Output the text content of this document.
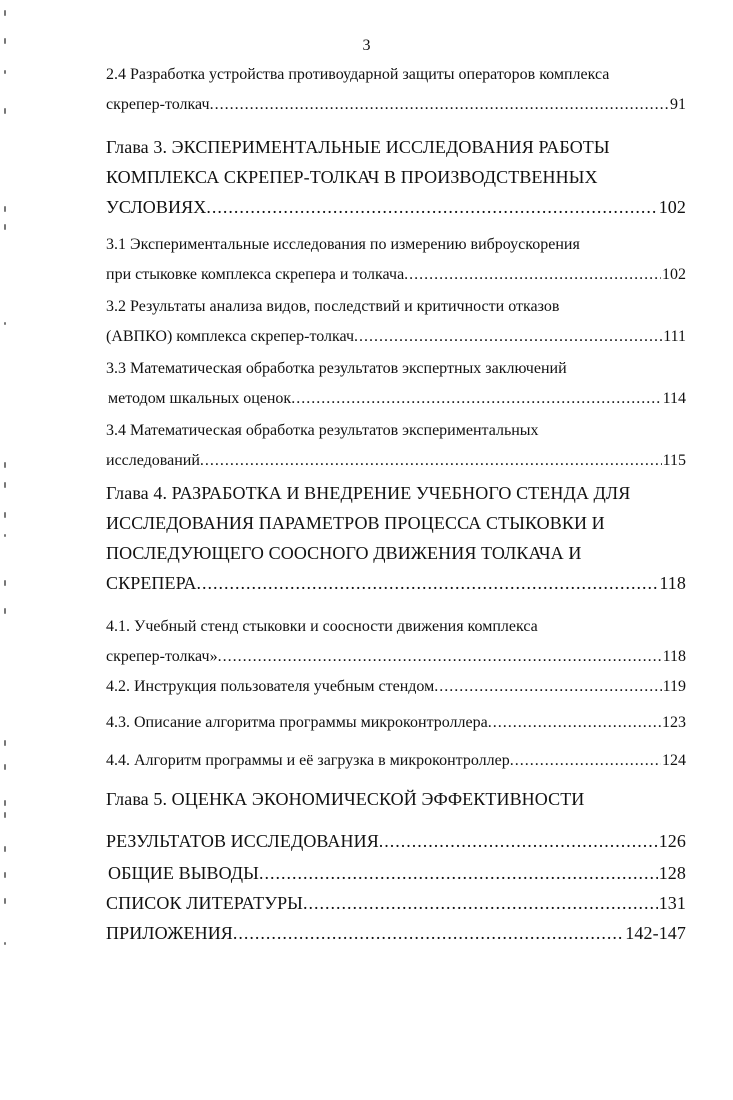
3
2.4 Разработка устройства противоударной защиты операторов комплекса
скрепер-толкач .....	91
Глава 3. ЭКСПЕРИМЕНТАЛЬНЫЕ ИССЛЕДОВАНИЯ РАБОТЫ
КОМПЛЕКСА СКРЕПЕР-ТОЛКАЧ В ПРОИЗВОДСТВЕННЫХ
УСЛОВИЯХ .....	102
3.1 Экспериментальные исследования по измерению виброускорения
при стыковке комплекса скрепера и толкача .....	102
3.2 Результаты анализа видов, последствий и критичности отказов
(АВПКО) комплекса скрепер-толкач .....	111
3.3 Математическая обработка результатов экспертных заключений
методом шкальных оценок .....	114
3.4 Математическая обработка результатов экспериментальных
исследований .....	115
Глава 4. РАЗРАБОТКА И ВНЕДРЕНИЕ УЧЕБНОГО СТЕНДА ДЛЯ
ИССЛЕДОВАНИЯ ПАРАМЕТРОВ ПРОЦЕССА СТЫКОВКИ И
ПОСЛЕДУЮЩЕГО СООСНОГО ДВИЖЕНИЯ ТОЛКАЧА И
СКРЕПЕРА .....	118
4.1. Учебный стенд стыковки и соосности движения комплекса
скрепер-толкач» .....	118
4.2. Инструкция пользователя учебным стендом .....	119
4.3. Описание алгоритма программы микроконтроллера .....	123
4.4. Алгоритм программы и её загрузка в микроконтроллер .....	124
Глава 5. ОЦЕНКА ЭКОНОМИЧЕСКОЙ ЭФФЕКТИВНОСТИ
РЕЗУЛЬТАТОВ ИССЛЕДОВАНИЯ .....	126
ОБЩИЕ ВЫВОДЫ .....	128
СПИСОК ЛИТЕРАТУРЫ .....	131
ПРИЛОЖЕНИЯ .....	142-147
